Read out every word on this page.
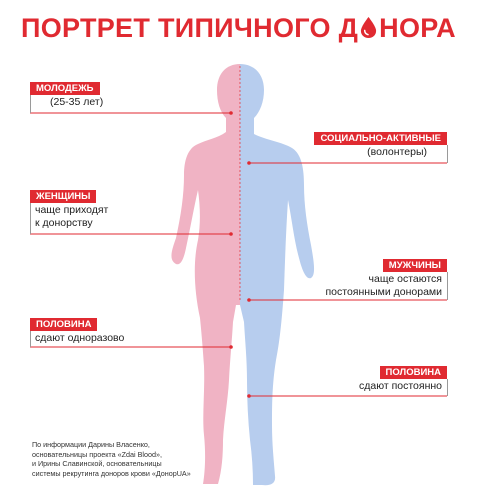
ПОРТРЕТ ТИПИЧНОГО Д НОРА
МОЛОДЕЖЬ
(25-35 лет)
ЖЕНЩИНЫ
чаще приходят
к донорству
ПОЛОВИНА
сдают одноразово
СОЦИАЛЬНО-АКТИВНЫЕ
(волонтеры)
МУЖЧИНЫ
чаще остаются
постоянными донорами
ПОЛОВИНА
сдают постоянно
По информации Дарины Власенко,
основательницы проекта «Zdai Blood»,
и Ирины Славинской, основательницы
системы рекрутинга доноров крови «ДонорUA»
